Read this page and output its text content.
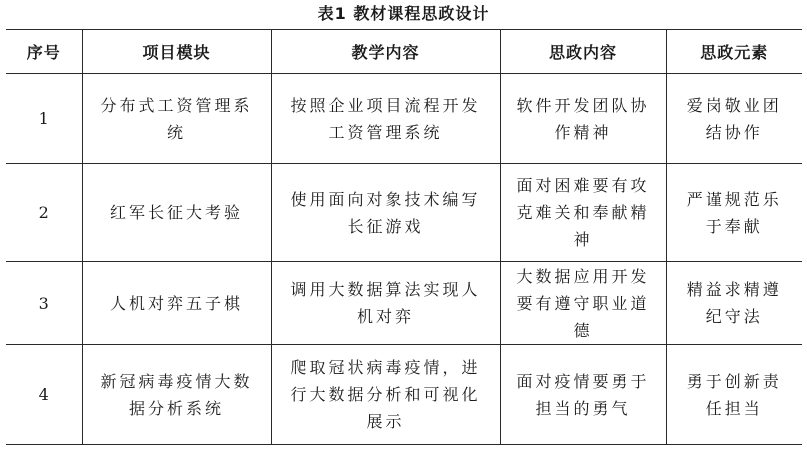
表1 教材课程思政设计
序号	项目模块	教学内容	思政内容	思政元素
1	分布式工资管理系统	按照企业项目流程开发工资管理系统	软件开发团队协作精神	爱岗敬业团结协作
2	红军长征大考验	使用面向对象技术编写长征游戏	面对困难要有攻克难关和奉献精神	严谨规范乐于奉献
3	人机对弈五子棋	调用大数据算法实现人机对弈	大数据应用开发要有遵守职业道德	精益求精遵纪守法
4	新冠病毒疫情大数据分析系统	爬取冠状病毒疫情，进行大数据分析和可视化展示	面对疫情要勇于担当的勇气	勇于创新责任担当
